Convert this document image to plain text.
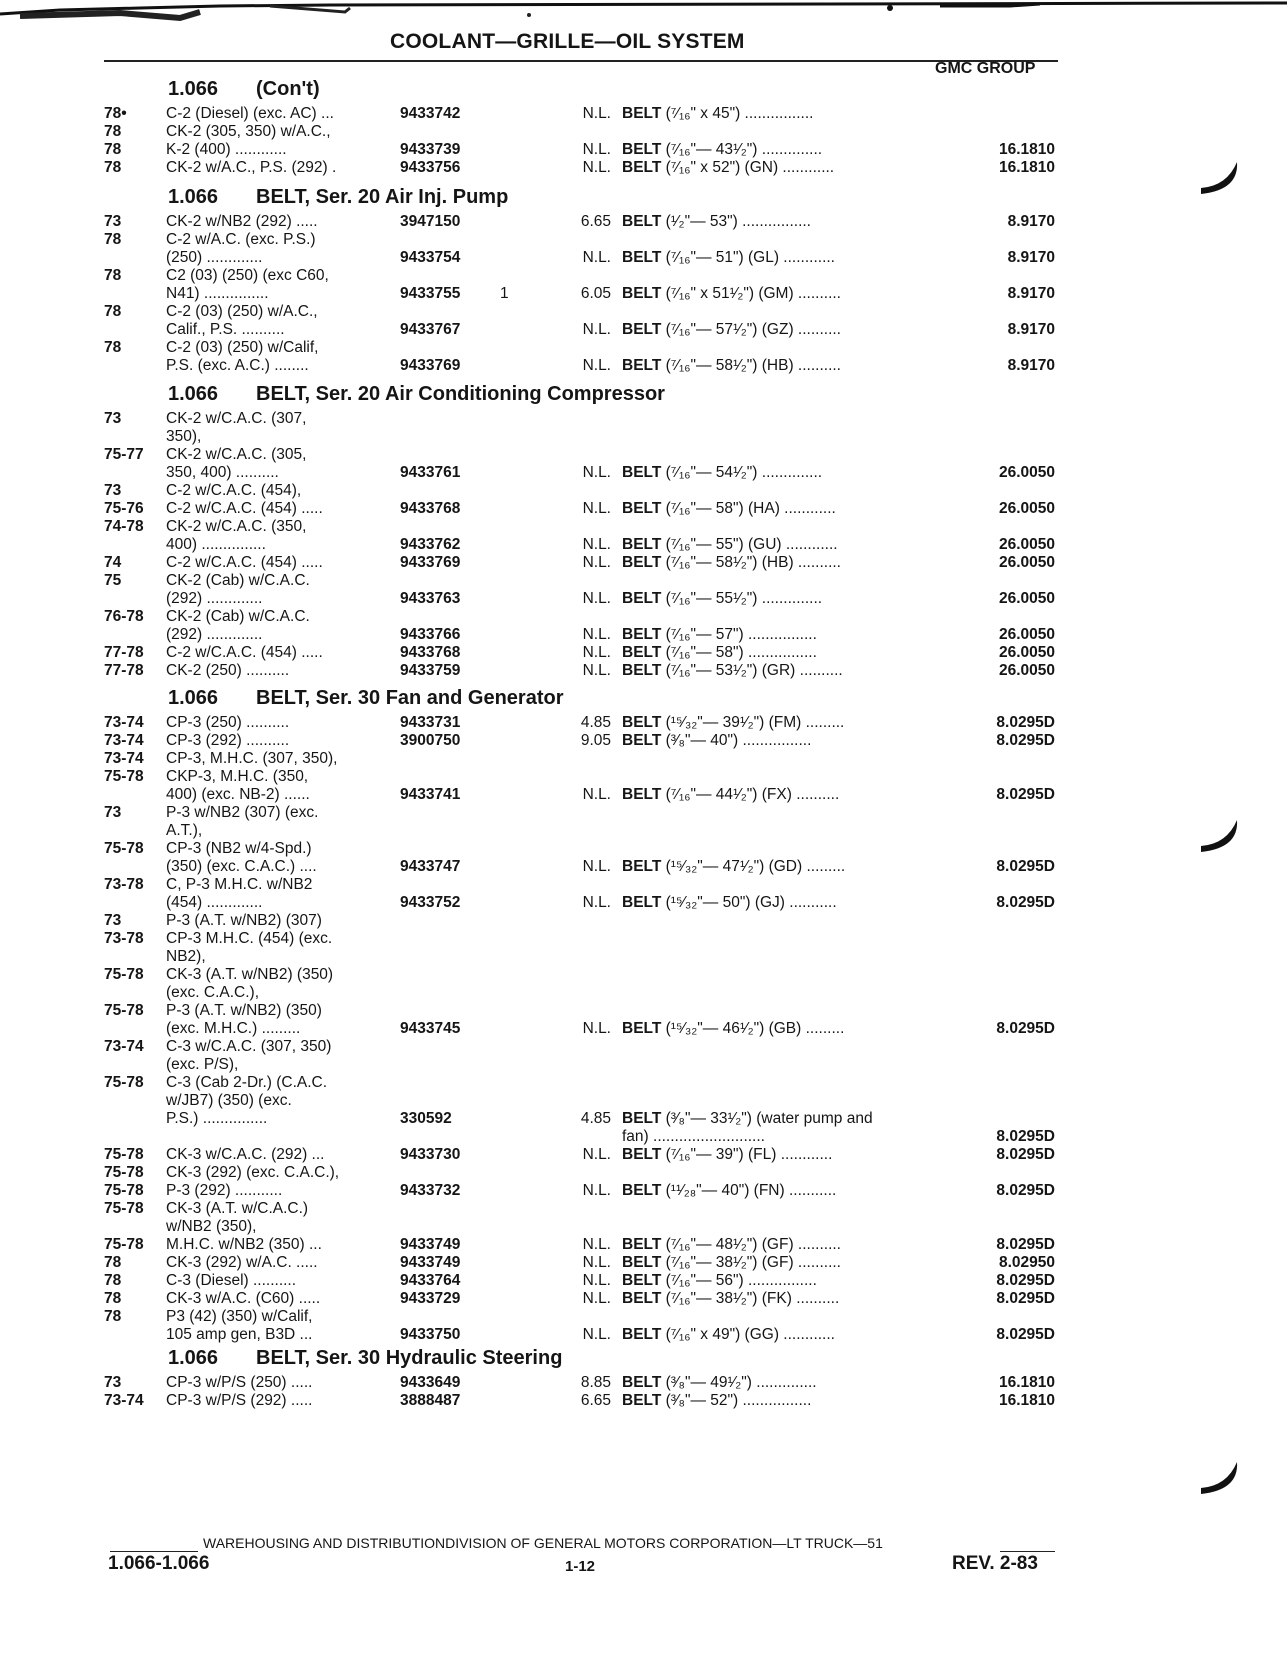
COOLANT—GRILLE—OIL SYSTEM
GMC GROUP
1.066 (Con't)
78•	C-2 (Diesel) (exc. AC) ...	9433742	N.L. BELT (⁷⁄₁₆" x 45") ................
78	CK-2 (305, 350) w/A.C.,
78	K-2 (400) ............	9433739	N.L. BELT (⁷⁄₁₆"— 43¹⁄₂") ..............	16.1810
78	CK-2 w/A.C., P.S. (292) .	9433756	N.L. BELT (⁷⁄₁₆" x 52") (GN) ............	16.1810
1.066 BELT, Ser. 20 Air Inj. Pump
73	CK-2 w/NB2 (292) .....	3947150	6.65 BELT (¹⁄₂"— 53") ................	8.9170
78	C-2 w/A.C. (exc. P.S.)
(250) .............	9433754	N.L. BELT (⁷⁄₁₆"— 51") (GL) ............	8.9170
78	C2 (03) (250) (exc C60,
N41) ...............	9433755	1	6.05 BELT (⁷⁄₁₆" x 51¹⁄₂") (GM) ..........	8.9170
78	C-2 (03) (250) w/A.C.,
Calif., P.S. ..........	9433767	N.L. BELT (⁷⁄₁₆"— 57¹⁄₂") (GZ) ..........	8.9170
78	C-2 (03) (250) w/Calif,
P.S. (exc. A.C.) ........	9433769	N.L. BELT (⁷⁄₁₆"— 58¹⁄₂") (HB) ..........	8.9170
1.066 BELT, Ser. 20 Air Conditioning Compressor
73	CK-2 w/C.A.C. (307,
350),
75-77 CK-2 w/C.A.C. (305,
350, 400) ..........	9433761	N.L. BELT (⁷⁄₁₆"— 54¹⁄₂") ..............	26.0050
73	C-2 w/C.A.C. (454),
75-76 C-2 w/C.A.C. (454) .....	9433768	N.L. BELT (⁷⁄₁₆"— 58") (HA) ............	26.0050
74-78 CK-2 w/C.A.C. (350,
400) ...............	9433762	N.L. BELT (⁷⁄₁₆"— 55") (GU) ............	26.0050
74	C-2 w/C.A.C. (454) .....	9433769	N.L. BELT (⁷⁄₁₆"— 58¹⁄₂") (HB) ..........	26.0050
75	CK-2 (Cab) w/C.A.C.
(292) .............	9433763	N.L. BELT (⁷⁄₁₆"— 55¹⁄₂") ..............	26.0050
76-78 CK-2 (Cab) w/C.A.C.
(292) .............	9433766	N.L. BELT (⁷⁄₁₆"— 57") ................	26.0050
77-78 C-2 w/C.A.C. (454) .....	9433768	N.L. BELT (⁷⁄₁₆"— 58") ................	26.0050
77-78 CK-2 (250) ..........	9433759	N.L. BELT (⁷⁄₁₆"— 53¹⁄₂") (GR) ..........	26.0050
1.066 BELT, Ser. 30 Fan and Generator
73-74 CP-3 (250) ..........	9433731	4.85 BELT (¹⁵⁄₃₂"— 39¹⁄₂") (FM) .........	8.0295D
73-74 CP-3 (292) ..........	3900750	9.05 BELT (³⁄₈"— 40") ................	8.0295D
73-74 CP-3, M.H.C. (307, 350),
75-78 CKP-3, M.H.C. (350,
400) (exc. NB-2) ......	9433741	N.L. BELT (⁷⁄₁₆"— 44¹⁄₂") (FX) ..........	8.0295D
73	P-3 w/NB2 (307) (exc.
A.T.),
75-78 CP-3 (NB2 w/4-Spd.)
(350) (exc. C.A.C.) ....	9433747	N.L. BELT (¹⁵⁄₃₂"— 47¹⁄₂") (GD) .........	8.0295D
73-78 C, P-3 M.H.C. w/NB2
(454) .............	9433752	N.L. BELT (¹⁵⁄₃₂"— 50") (GJ) ...........	8.0295D
73	P-3 (A.T. w/NB2) (307)
73-78 CP-3 M.H.C. (454) (exc.
NB2),
75-78 CK-3 (A.T. w/NB2) (350)
(exc. C.A.C.),
75-78 P-3 (A.T. w/NB2) (350)
(exc. M.H.C.) .........	9433745	N.L. BELT (¹⁵⁄₃₂"— 46¹⁄₂") (GB) .........	8.0295D
73-74 C-3 w/C.A.C. (307, 350)
(exc. P/S),
75-78 C-3 (Cab 2-Dr.) (C.A.C.
w/JB7) (350) (exc.
P.S.) ...............	330592	4.85 BELT (³⁄₈"— 33¹⁄₂") (water pump and
fan) ..........................	8.0295D
75-78 CK-3 w/C.A.C. (292) ...	9433730	N.L. BELT (⁷⁄₁₆"— 39") (FL) ............	8.0295D
75-78 CK-3 (292) (exc. C.A.C.),
75-78 P-3 (292) ...........	9433732	N.L. BELT (¹¹⁄₂₈"— 40") (FN) ...........	8.0295D
75-78 CK-3 (A.T. w/C.A.C.)
w/NB2 (350),
75-78 M.H.C. w/NB2 (350) ...	9433749	N.L. BELT (⁷⁄₁₆"— 48¹⁄₂") (GF) ..........	8.0295D
78	CK-3 (292) w/A.C. .....	9433749	N.L. BELT (⁷⁄₁₆"— 38¹⁄₂") (GF) ..........	8.02950
78	C-3 (Diesel) ..........	9433764	N.L. BELT (⁷⁄₁₆"— 56") ................	8.0295D
78	CK-3 w/A.C. (C60) .....	9433729	N.L. BELT (⁷⁄₁₆"— 38¹⁄₂") (FK) ..........	8.0295D
78	P3 (42) (350) w/Calif,
105 amp gen, B3D ...	9433750	N.L. BELT (⁷⁄₁₆" x 49") (GG) ............	8.0295D
1.066 BELT, Ser. 30 Hydraulic Steering
73	CP-3 w/P/S (250) .....	9433649	8.85 BELT (³⁄₈"— 49¹⁄₂") ..............	16.1810
73-74 CP-3 w/P/S (292) .....	3888487	6.65 BELT (³⁄₈"— 52") ................	16.1810
WAREHOUSING AND DISTRIBUTIONDIVISION OF GENERAL MOTORS CORPORATION—LT TRUCK—51
1.066-1.066	1-12	REV. 2-83
